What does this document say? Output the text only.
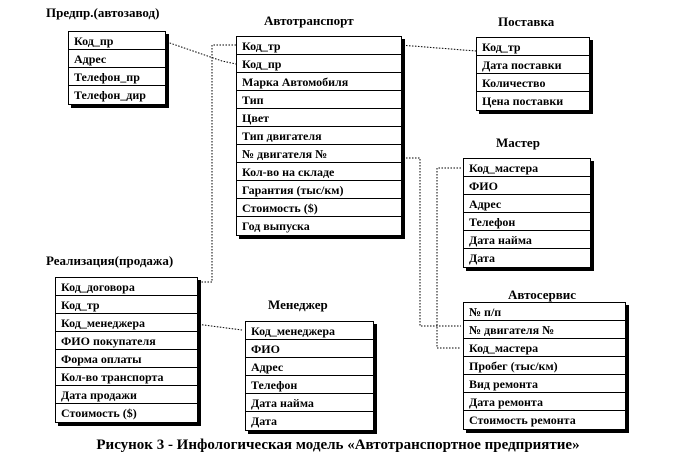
Предпр.(автозавод)
Код_пр
Адрес
Телефон_пр
Телефон_дир
Автотранспорт
Код_тр
Код_пр
Марка Автомобиля
Тип
Цвет
Тип двигателя
№ двигателя №
Кол-во на складе
Гарантия (тыс/км)
Стоимость ($)
Год выпуска
Поставка
Код_тр
Дата поставки
Количество
Цена поставки
Мастер
Код_мастера
ФИО
Адрес
Телефон
Дата найма
Дата
Реализация(продажа)
Код_договора
Код_тр
Код_менеджера
ФИО покупателя
Форма оплаты
Кол-во транспорта
Дата продажи
Стоимость ($)
Менеджер
Код_менеджера
ФИО
Адрес
Телефон
Дата найма
Дата
Автосервис
№ п/п
№ двигателя №
Код_мастера
Пробег (тыс/км)
Вид ремонта
Дата ремонта
Стоимость ремонта
Рисунок 3 - Инфологическая модель «Автотранспортное предприятие»
